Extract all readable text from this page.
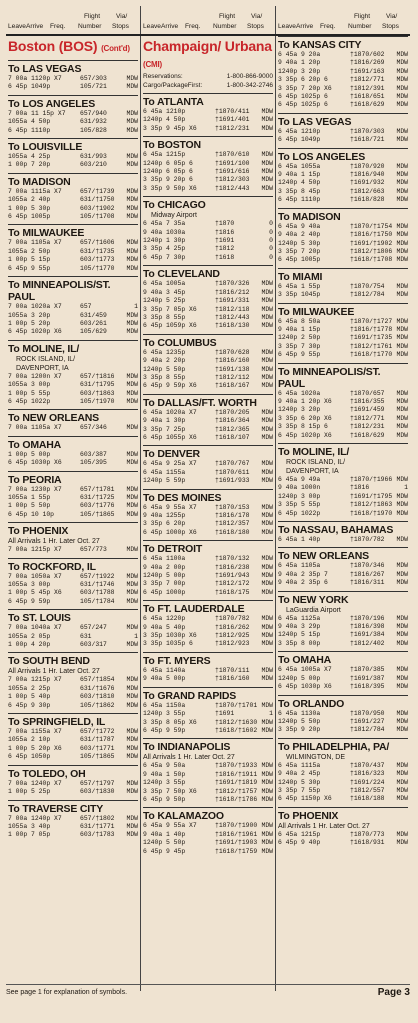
Leave Arrive Freq.
Flight
Number
Via/
Stops Leave Arrive Freq.
Flight
Number
Via/
Stops Leave Arrive Freq.
Flight
Number
Via/
Stops
Boston (BOS) (Cont'd)
To LAS VEGAS
7 00a 1120p X7	657/303	MDW
6 45p 1049p	105/721	MDW
To LOS ANGELES
7 00a 11 15p X7	657/940	MDW
1055a 4 50p	631/932	MDW
6 45p 1110p	105/828	MDW
To LOUISVILLE
1055a 4 25p	631/993	MDW
1 00p 7 20p	603/210	MDW
To MADISON
7 00a 1115a X7	657/†1739	MDW
1055a 2 40p	631/†1750	MDW
1 00p 5 30p	603/†1902	MDW
6 45p 1005p	105/†1708	MDW
To MILWAUKEE
7 00a 1105a X7	657/†1606	MDW
1055a 2 50p	631/†1735	MDW
1 00p 5 15p	603/†1773	MDW
6 45p 9 55p	105/†1770	MDW
To MINNEAPOLIS/ST. PAUL
7 00a 1020a X7	657	1
1055a 3 20p	631/459	MDW
1 00p 5 20p	603/261	MDW
6 45p 1020p X6	105/629	MDW
To MOLINE, IL/
ROCK ISLAND, IL/
DAVENPORT, IA
7 00a 1200n X7	657/†1816	MDW
1055a 3 00p	631/†1795	MDW
1 00p 5 55p	603/†1863	MDW
6 45p 1022p	105/†1970	MDW
To NEW ORLEANS
7 00a 1105a X7	657/346	MDW
To OMAHA
1 00p 5 00p	603/387	MDW
6 45p 1030p X6	105/395	MDW
To PEORIA
7 00a 1230p X7	657/†1781	MDW
1055a 1 55p	631/†1725	MDW
1 00p 5 50p	603/†1776	MDW
6 45p 10 10p	105/†1865	MDW
To PHOENIX
All Arrivals 1 Hr. Later Oct. 27
7 00a 1215p X7	657/773	MDW
To ROCKFORD, IL
7 00a 1050a X7	657/†1922	MDW
1055a 3 00p	631/†1746	MDW
1 00p 5 45p X6	603/†1788	MDW
6 45p 9 59p	105/†1784	MDW
To ST. LOUIS
7 00a 1040a X7	657/247	MDW
1055a 2 05p	631	1
1 00p 4 20p	603/317	MDW
To SOUTH BEND
All Arrivals 1 Hr. Later Oct. 27
7 00a 1215p X7	657/†1854	MDW
1055a 2 25p	631/†1676	MDW
1 00p 5 40p	603/†1810	MDW
6 45p 9 30p	105/†1862	MDW
To SPRINGFIELD, IL
7 00a 1155a X7	657/†1772	MDW
1055a 2 10p	631/†1787	MDW
1 00p 5 20p X6	603/†1771	MDW
6 45p 1050p	105/†1865	MDW
To TOLEDO, OH
7 00a 1240p X7	657/†1797	MDW
1 00p 5 25p	603/†1830	MDW
To TRAVERSE CITY
7 00a 1240p X7	657/†1802	MDW
1055a 3 40p	631/†1771	MDW
1 00p 7 05p	603/†1783	MDW
Champaign/ Urbana (CMI)
Reservations:	1-800-866-9000
Cargo/PackageFirst:	1-800-342-2746
To ATLANTA
6 45a 1210p	†1870/411	MDW
1240p 4 50p	†1691/401	MDW
3 35p 9 45p X6	†1812/231	MDW
To BOSTON
6 45a 1215p	†1870/610	MDW
1240p 6 05p 6	†1691/100	MDW
1240p 6 05p 6	†1691/616	MDW
3 35p 9 20p 6	†1812/303	MDW
3 35p 9 50p X6	†1812/443	MDW
To CHICAGO
Midway Airport
6 45a 7 35a	†1870	0
9 40a 1030a	†1816	0
1240p 1 30p	†1691	0
3 35p 4 25p	†1812	0
6 45p 7 30p	†1618	0
To CLEVELAND
6 45a 1005a	†1870/326	MDW
9 40a 3 45p	†1816/212	MDW
1240p 5 25p	†1691/331	MDW
3 35p 7 05p X6	†1812/118	MDW
3 35p 8 55p	†1812/443	MDW
6 45p 1059p X6	†1618/130	MDW
To COLUMBUS
6 45a 1235p	†1870/628	MDW
9 40a 2 20p	†1816/160	MDW
1240p 5 50p	†1691/138	MDW
3 35p 8 55p	†1812/112	MDW
6 45p 9 59p X6	†1618/167	MDW
To DALLAS/FT. WORTH
6 45a 1020a X7	†1870/205	MDW
9 40a 1 30p	†1816/364	MDW
3 35p 7 25p	†1812/365	MDW
6 45p 1055p X6	†1618/107	MDW
To DENVER
6 45a 9 25a X7	†1870/767	MDW
6 45a 1155a	†1870/611	MDW
1240p 5 59p	†1691/933	MDW
To DES MOINES
6 45a 9 55a X7	†1870/153	MDW
9 40a 1255p	†1816/178	MDW
3 35p 6 20p	†1812/357	MDW
6 45p 1000p X6	†1618/180	MDW
To DETROIT
6 45a 1100a	†1870/132	MDW
9 40a 2 00p	†1816/238	MDW
1240p 5 00p	†1691/943	MDW
3 35p 7 00p	†1812/172	MDW
6 45p 1000p	†1618/175	MDW
To FT. LAUDERDALE
6 45a 1220p	†1870/782	MDW
9 40a 5 40p	†1816/262	MDW
3 35p 1030p X6	†1812/925	MDW
3 35p 1035p 6	†1812/923	MDW
To FT. MYERS
6 45a 1140a	†1870/111	MDW
9 40a 5 00p	†1816/160	MDW
To GRAND RAPIDS
6 45a 1150a	†1870/†1701 MDW
1240p 3 55p	†1691	1
3 35p 8 05p X6	†1812/†1630 MDW
6 45p 9 59p	†1618/†1602 MDW
To INDIANAPOLIS
All Arrivals 1 Hr. Later Oct. 27
6 45a 9 50a	†1870/†1933 MDW
9 40a 1 50p	†1816/†1911 MDW
1240p 3 55p	†1691/†1819 MDW
3 35p 7 50p X6	†1812/†1757 MDW
6 45p 9 50p	†1618/†1786 MDW
To KALAMAZOO
6 45a 9 55a X7	†1870/†1900 MDW
9 40a 1 40p	†1816/†1961 MDW
1240p 5 50p	†1691/†1903 MDW
6 45p 9 45p	†1618/†1759 MDW
To KANSAS CITY
6 45a 9 20a	†1870/602	MDW
9 40a 1 20p	†1816/269	MDW
1240p 3 20p	†1691/163	MDW
3 35p 6 20p 6	†1812/771	MDW
3 35p 7 20p X6	†1812/391	MDW
6 45p 1025p 6	†1618/651	MDW
6 45p 1025p 6	†1618/629	MDW
To LAS VEGAS
6 45a 1210p	†1870/303	MDW
6 45p 1049p	†1618/721	MDW
To LOS ANGELES
6 45a 1055a	†1870/920	MDW
9 40a 1 15p	†1816/940	MDW
1240p 4 50p	†1691/932	MDW
3 35p 8 45p	†1812/663	MDW
6 45p 1110p	†1618/828	MDW
To MADISON
6 45a 9 40a	†1870/†1754 MDW
9 40a 2 40p	†1816/†1750 MDW
1240p 5 30p	†1691/†1902 MDW
3 35p 7 20p	†1812/†1806 MDW
6 45p 1005p	†1618/†1708 MDW
To MIAMI
6 45a 1 55p	†1870/754	MDW
3 35p 1045p	†1812/784	MDW
To MILWAUKEE
6 45a 8 50a	†1870/†1727 MDW
9 40a 1 15p	†1816/†1778 MDW
1240p 2 50p	†1691/†1735 MDW
3 35p 7 30p	†1812/†1761 MDW
6 45p 9 55p	†1618/†1770 MDW
To MINNEAPOLIS/ST. PAUL
6 45a 1020a	†1870/657	MDW
9 40a 1 20p X6	†1816/355	MDW
1240p 3 20p	†1691/459	MDW
3 35p 6 20p X6	†1812/771	MDW
3 35p 8 15p 6	†1812/231	MDW
6 45p 1020p X6	†1618/629	MDW
To MOLINE, IL/
ROCK ISLAND, IL/
DAVENPORT, IA
6 45a 9 49a	†1870/†1966 MDW
9 40a 1000n	†1816	1
1240p 3 00p	†1691/†1795 MDW
3 35p 5 55p	†1812/†1863 MDW
6 45p 1022p	†1618/†1970 MDW
To NASSAU, BAHAMAS
6 45a 1 40p	†1870/782	MDW
To NEW ORLEANS
6 45a 1105a	†1870/346	MDW
9 40a 2 35p 7	†1816/267	MDW
9 40a 2 35p 6	†1816/311	MDW
To NEW YORK
LaGuardia Airport
6 45a 1125a	†1870/196	MDW
9 40a 3 29p	†1816/398	MDW
1240p 5 15p	†1691/384	MDW
3 35p 8 00p	†1812/402	MDW
To OMAHA
6 45a 1005a X7	†1870/385	MDW
1240p 5 00p	†1691/387	MDW
6 45p 1030p X6	†1618/395	MDW
To ORLANDO
6 45a 1130a	†1870/950	MDW
1240p 5 50p	†1691/227	MDW
3 35p 9 20p	†1812/784	MDW
To PHILADELPHIA, PA/
WILMINGTON, DE
6 45a 1115a	†1870/437	MDW
9 40a 2 45p	†1816/323	MDW
1240p 5 30p	†1691/224	MDW
3 35p 7 55p	†1812/557	MDW
6 45p 1150p X6	†1618/188	MDW
To PHOENIX
All Arrivals 1 Hr. Later Oct. 27
6 45a 1215p	†1870/773	MDW
6 45p 9 40p	†1618/931	MDW
See page 1 for explanation of symbols.	Page 3
